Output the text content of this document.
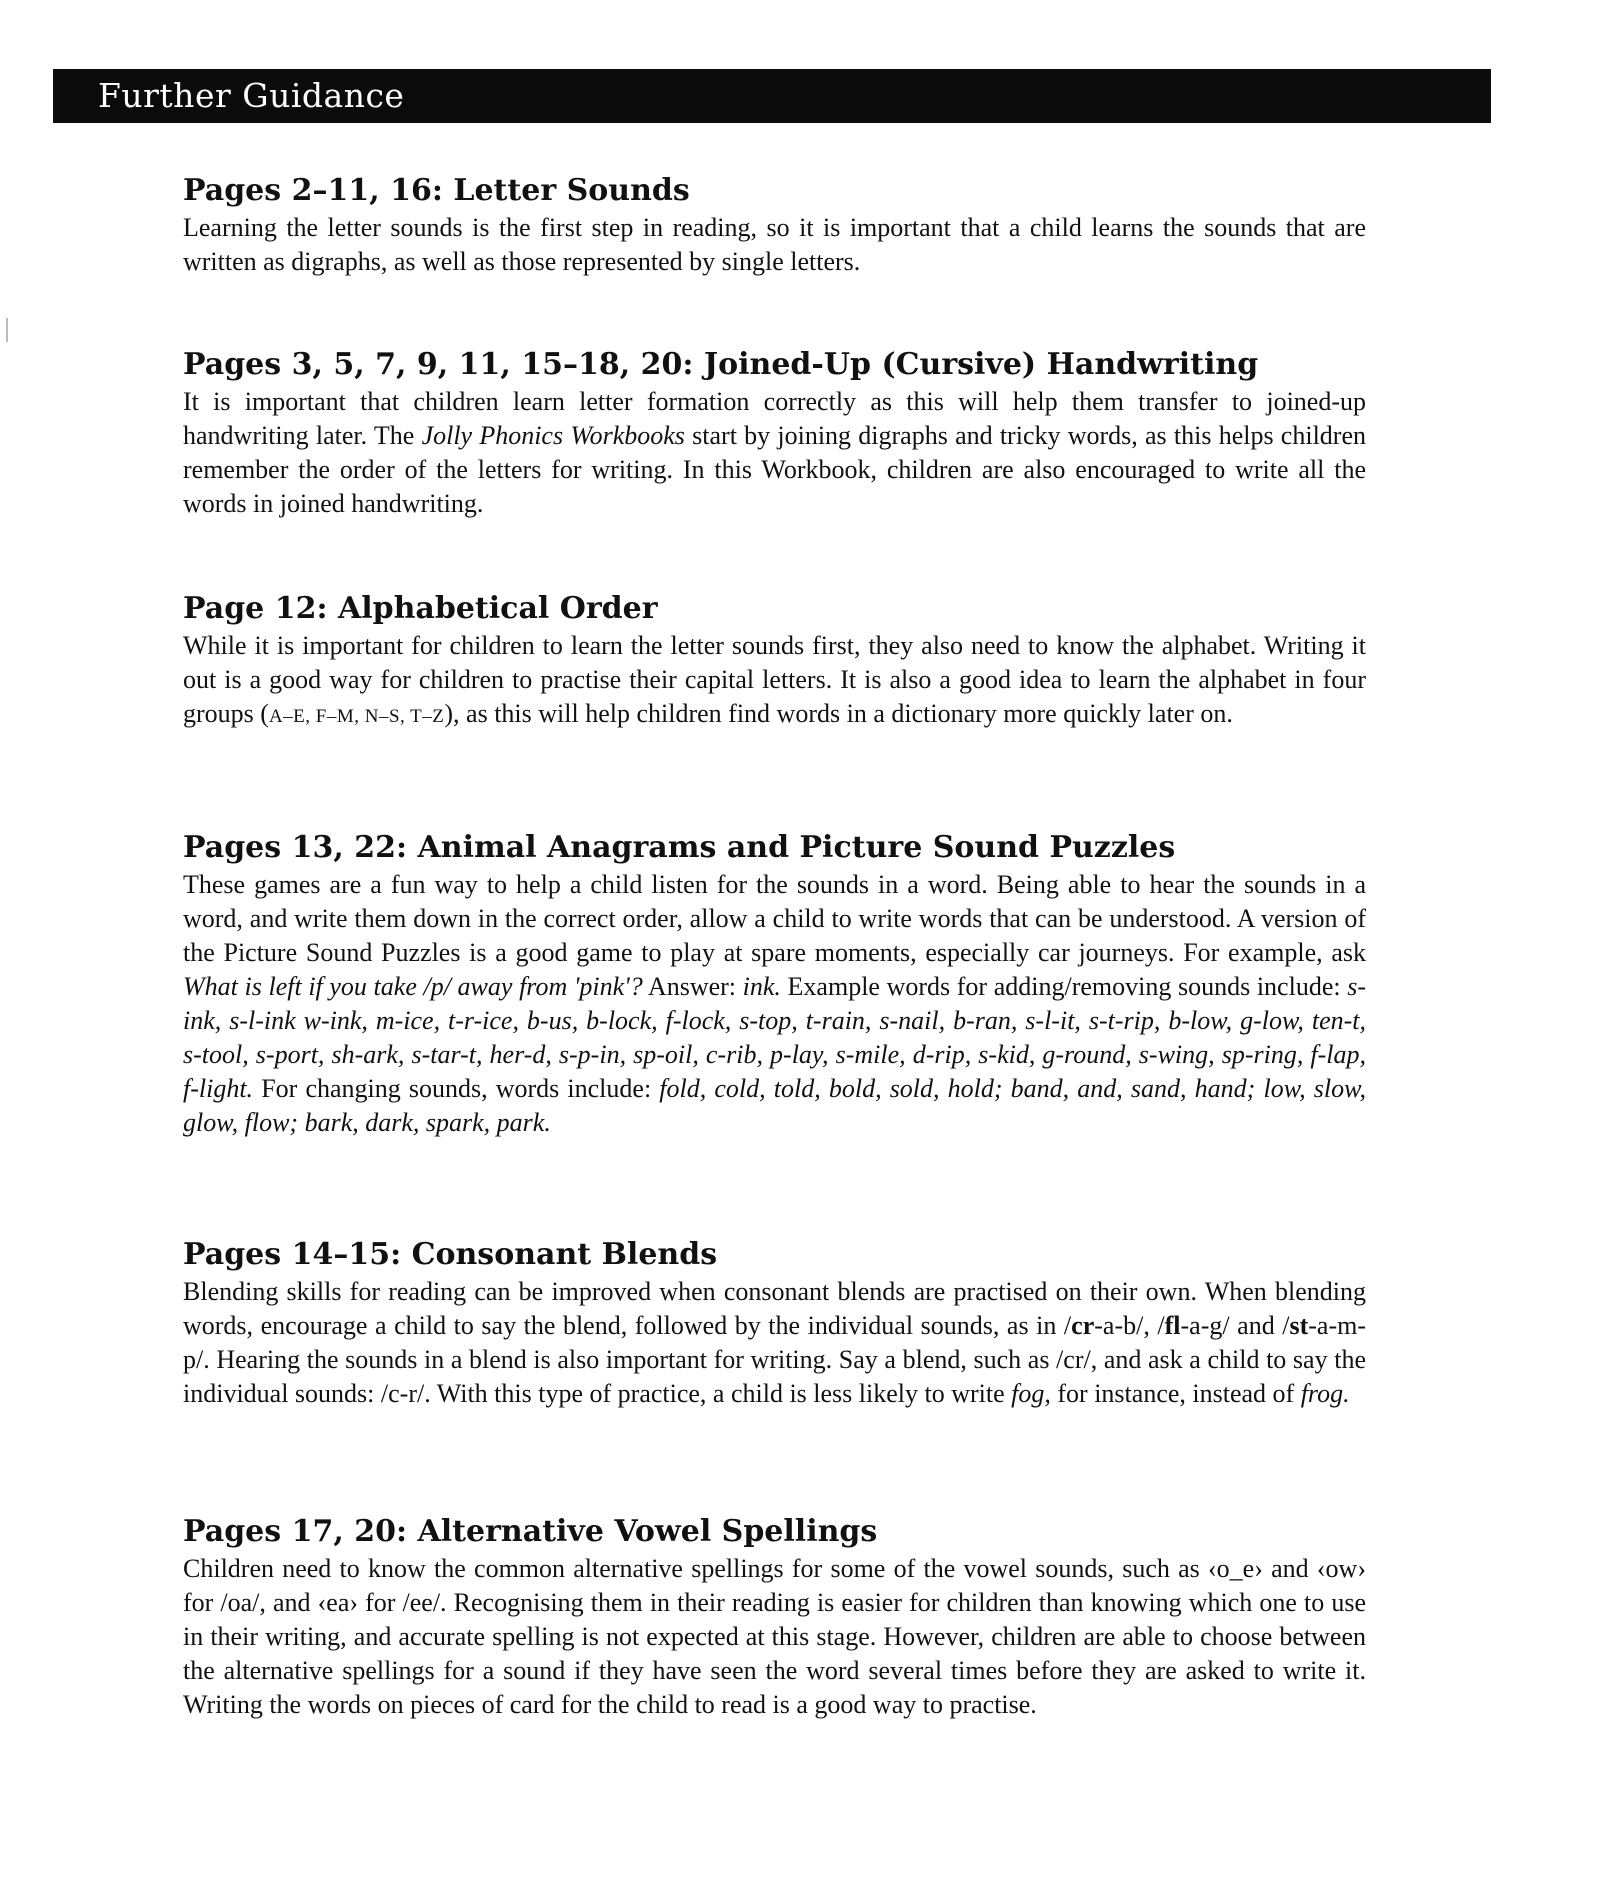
Further Guidance
Pages 2–11, 16: Letter Sounds

Learning the letter sounds is the first step in reading, so it is important that a child learns the sounds that are written as digraphs, as well as those represented by single letters.

Pages 3, 5, 7, 9, 11, 15–18, 20: Joined-Up (Cursive) Handwriting

It is important that children learn letter formation correctly as this will help them transfer to joined-up handwriting later. The Jolly Phonics Workbooks start by joining digraphs and tricky words, as this helps children remember the order of the letters for writing. In this Workbook, children are also encouraged to write all the words in joined handwriting.

Page 12: Alphabetical Order

While it is important for children to learn the letter sounds first, they also need to know the alphabet. Writing it out is a good way for children to practise their capital letters. It is also a good idea to learn the alphabet in four groups (A–E, F–M, N–S, T–Z), as this will help children find words in a dictionary more quickly later on.

Pages 13, 22: Animal Anagrams and Picture Sound Puzzles

These games are a fun way to help a child listen for the sounds in a word. Being able to hear the sounds in a word, and write them down in the correct order, allow a child to write words that can be understood. A version of the Picture Sound Puzzles is a good game to play at spare moments, especially car journeys. For example, ask What is left if you take /p/ away from 'pink'? Answer: ink. Example words for adding/removing sounds include: s-ink, s-l-ink w-ink, m-ice, t-r-ice, b-us, b-lock, f-lock, s-top, t-rain, s-nail, b-ran, s-l-it, s-t-rip, b-low, g-low, ten-t, s-tool, s-port, sh-ark, s-tar-t, her-d, s-p-in, sp-oil, c-rib, p-lay, s-mile, d-rip, s-kid, g-round, s-wing, sp-ring, f-lap, f-light. For changing sounds, words include: fold, cold, told, bold, sold, hold; band, and, sand, hand; low, slow, glow, flow; bark, dark, spark, park.

Pages 14–15: Consonant Blends

Blending skills for reading can be improved when consonant blends are practised on their own. When blending words, encourage a child to say the blend, followed by the individual sounds, as in /cr-a-b/, /fl-a-g/ and /st-a-m-p/. Hearing the sounds in a blend is also important for writing. Say a blend, such as /cr/, and ask a child to say the individual sounds: /c-r/. With this type of practice, a child is less likely to write fog, for instance, instead of frog.

Pages 17, 20: Alternative Vowel Spellings

Children need to know the common alternative spellings for some of the vowel sounds, such as ‹o_e› and ‹ow› for /oa/, and ‹ea› for /ee/. Recognising them in their reading is easier for children than knowing which one to use in their writing, and accurate spelling is not expected at this stage. However, children are able to choose between the alternative spellings for a sound if they have seen the word several times before they are asked to write it. Writing the words on pieces of card for the child to read is a good way to practise.
